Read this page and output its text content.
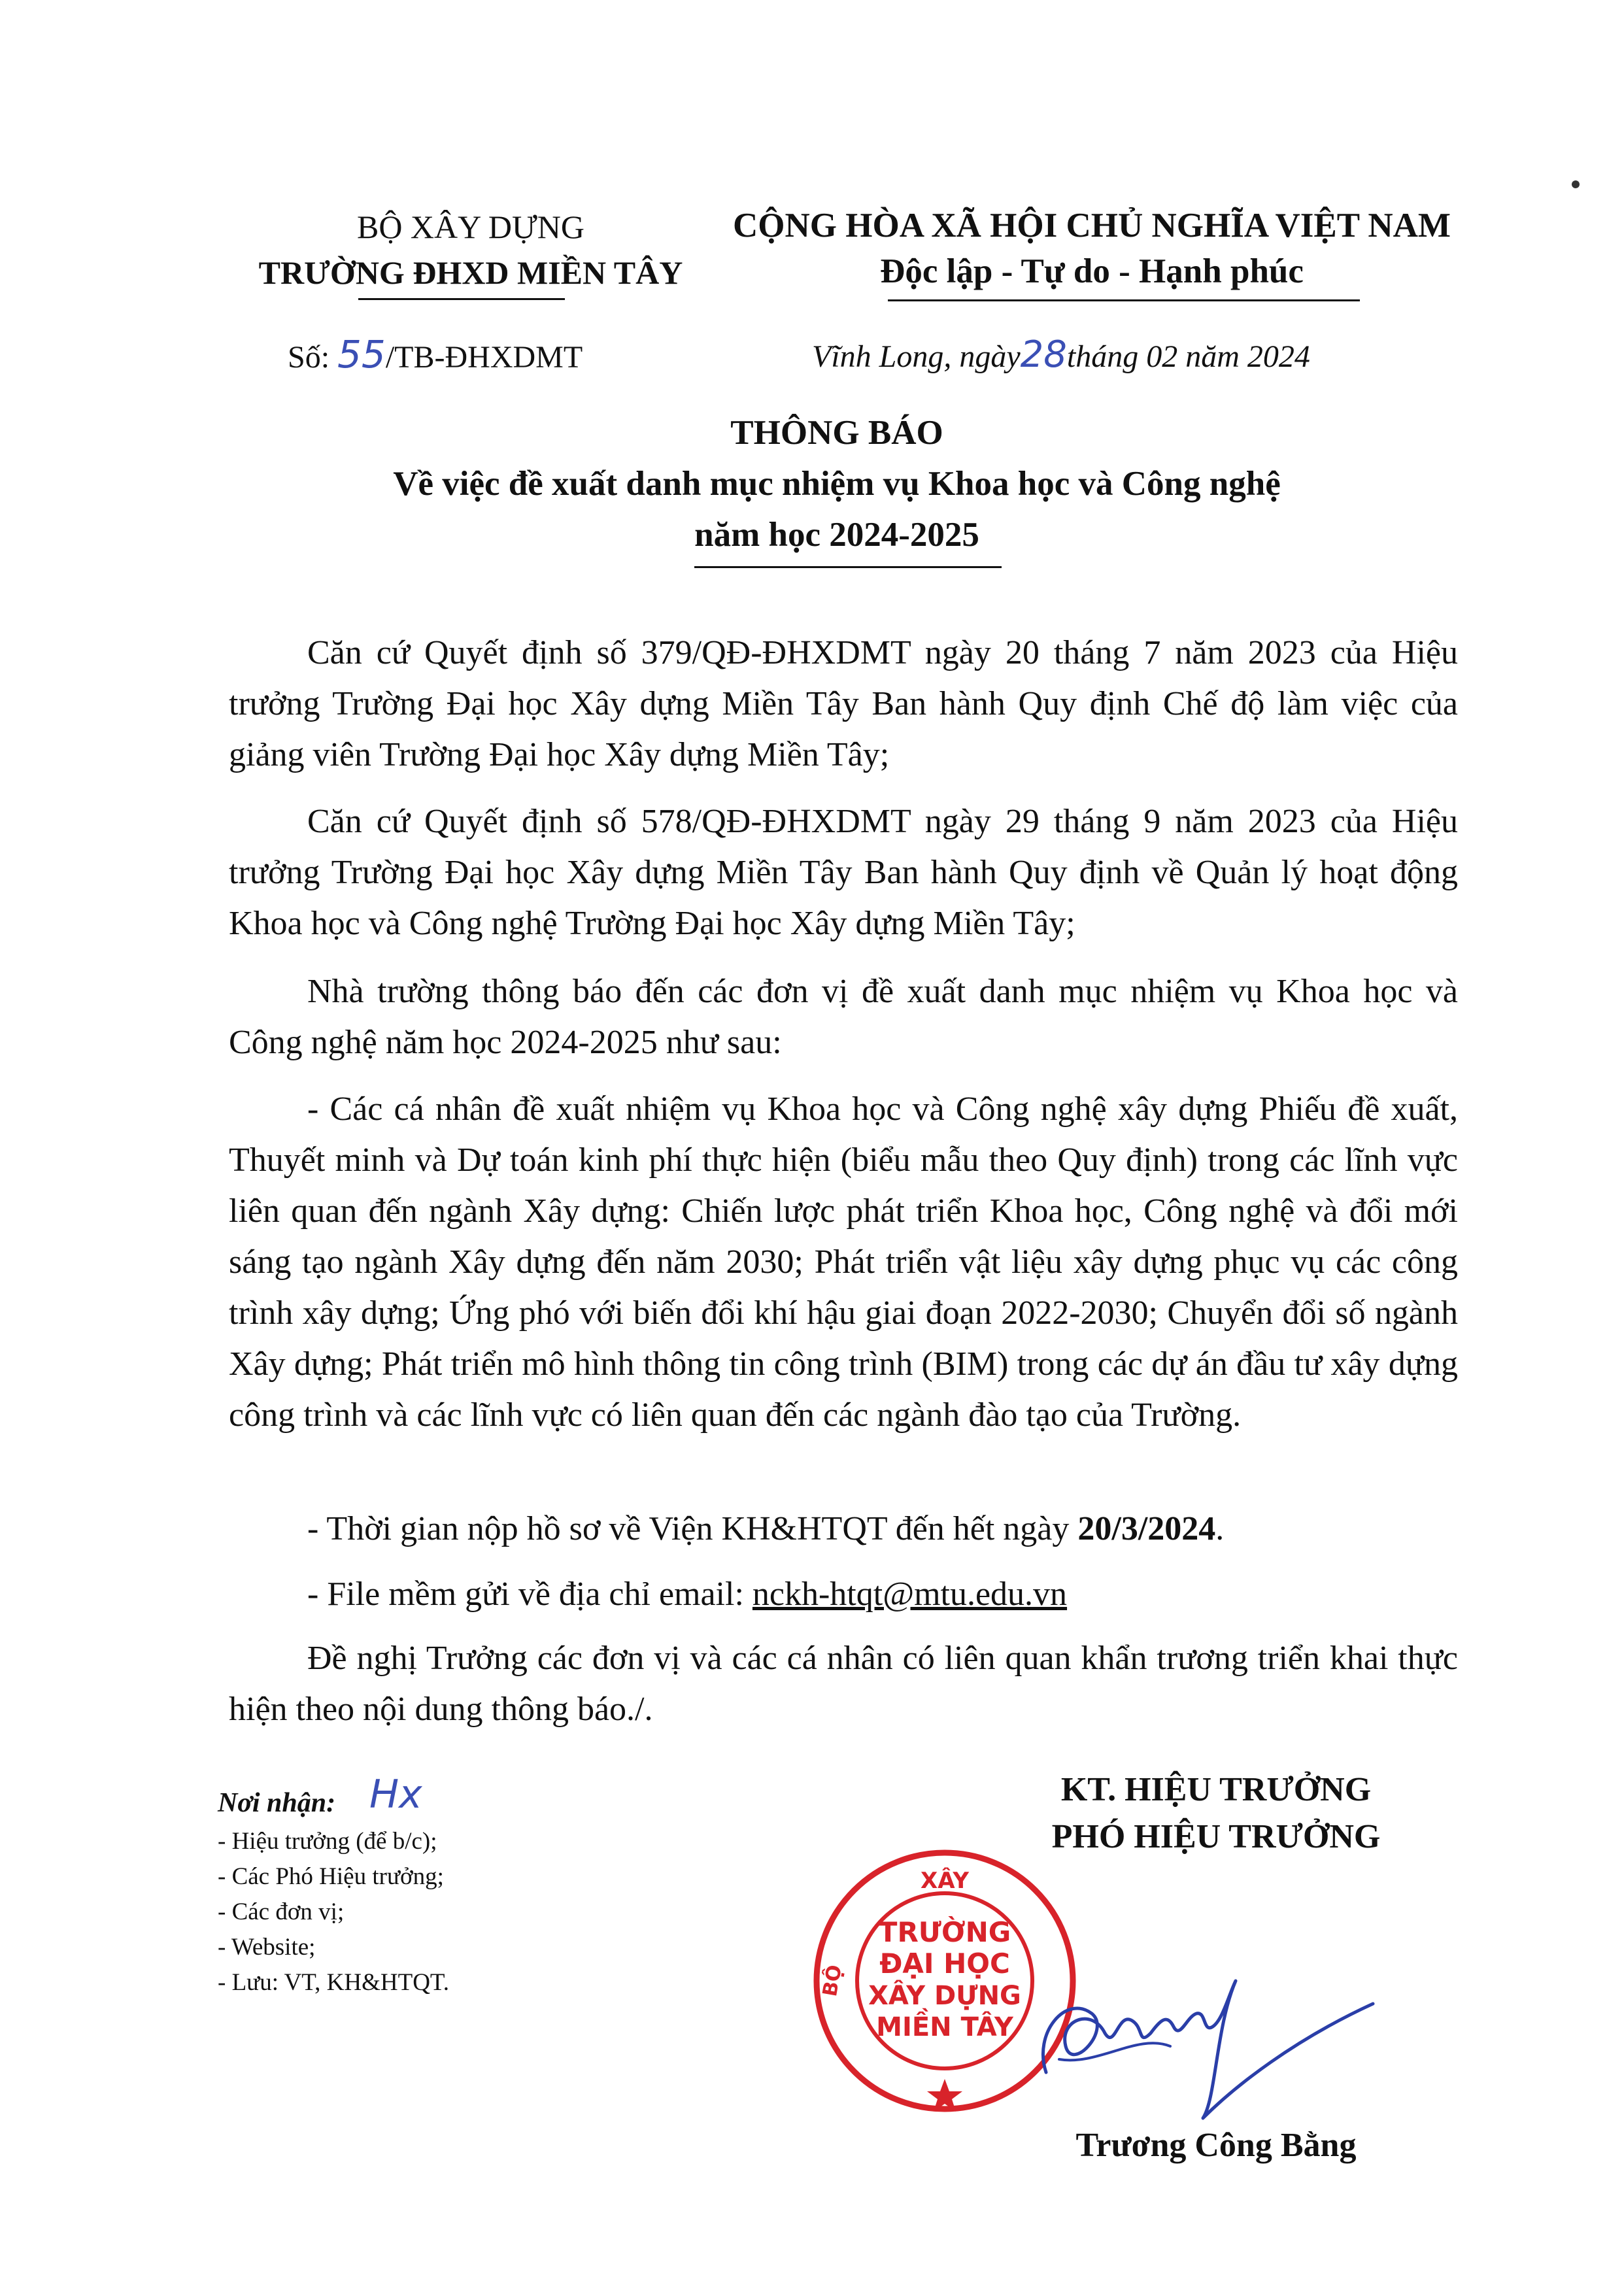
BỘ XÂY DỰNG
TRƯỜNG ĐHXD MIỀN TÂY
Số: 55/TB-ĐHXDMT
CỘNG HÒA XÃ HỘI CHỦ NGHĨA VIỆT NAM
Độc lập - Tự do - Hạnh phúc
Vĩnh Long, ngày28tháng 02 năm 2024
THÔNG BÁO
Về việc đề xuất danh mục nhiệm vụ Khoa học và Công nghệ
năm học 2024-2025

Căn cứ Quyết định số 379/QĐ-ĐHXDMT ngày 20 tháng 7 năm 2023 của Hiệu trưởng Trường Đại học Xây dựng Miền Tây Ban hành Quy định Chế độ làm việc của giảng viên Trường Đại học Xây dựng Miền Tây;

Căn cứ Quyết định số 578/QĐ-ĐHXDMT ngày 29 tháng 9 năm 2023 của Hiệu trưởng Trường Đại học Xây dựng Miền Tây Ban hành Quy định về Quản lý hoạt động Khoa học và Công nghệ Trường Đại học Xây dựng Miền Tây;

Nhà trường thông báo đến các đơn vị đề xuất danh mục nhiệm vụ Khoa học và Công nghệ năm học 2024-2025 như sau:

- Các cá nhân đề xuất nhiệm vụ Khoa học và Công nghệ xây dựng Phiếu đề xuất, Thuyết minh và Dự toán kinh phí thực hiện (biểu mẫu theo Quy định) trong các lĩnh vực liên quan đến ngành Xây dựng: Chiến lược phát triển Khoa học, Công nghệ và đổi mới sáng tạo ngành Xây dựng đến năm 2030; Phát triển vật liệu xây dựng phục vụ các công trình xây dựng; Ứng phó với biến đổi khí hậu giai đoạn 2022-2030; Chuyển đổi số ngành Xây dựng; Phát triển mô hình thông tin công trình (BIM) trong các dự án đầu tư xây dựng công trình và các lĩnh vực có liên quan đến các ngành đào tạo của Trường.

- Thời gian nộp hồ sơ về Viện KH&HTQT đến hết ngày 20/3/2024.

- File mềm gửi về địa chỉ email: nckh-htqt@mtu.edu.vn

Đề nghị Trưởng các đơn vị và các cá nhân có liên quan khẩn trương triển khai thực hiện theo nội dung thông báo./.

Nơi nhận: Hx
- Hiệu trưởng (để b/c);
- Các Phó Hiệu trưởng;
- Các đơn vị;
- Website;
- Lưu: VT, KH&HTQT.
KT. HIỆU TRƯỞNG
PHÓ HIỆU TRƯỞNG
XÂY
BỘ
TRƯỜNG
ĐẠI HỌC
XÂY DỰNG
MIỀN TÂY
Trương Công Bằng
